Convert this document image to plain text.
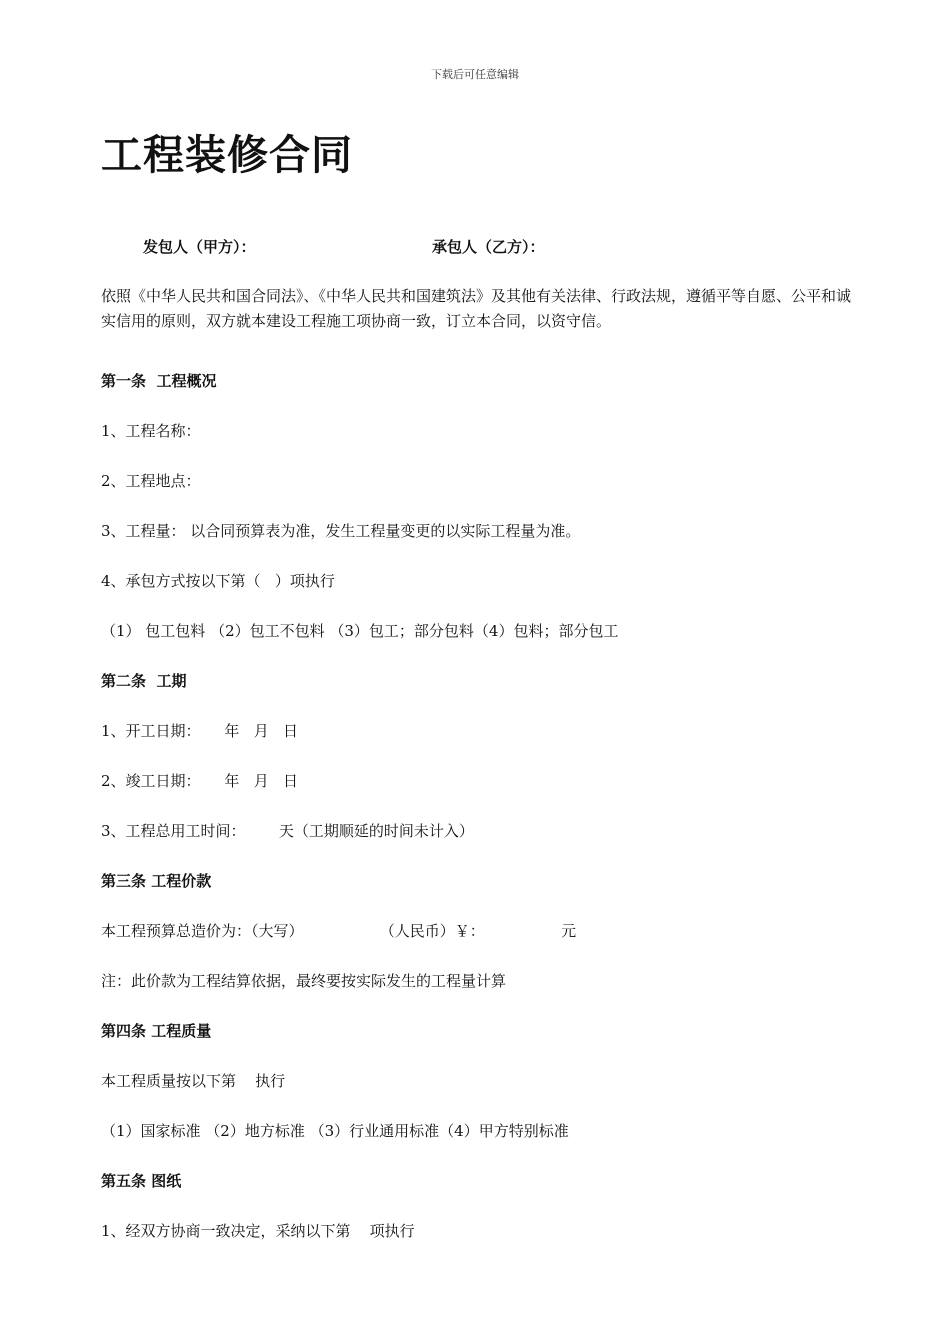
下载后可任意编辑
工程装修合同
发包人（甲方）：	承包人（乙方）：

依照《中华人民共和国合同法》、《中华人民共和国建筑法》及其他有关法律、行政法规，遵循平等自愿、公平和诚实信用的原则，双方就本建设工程施工项协商一致，订立本合同，以资守信。

第一条  工程概况

1、工程名称：

2、工程地点：

3、工程量： 以合同预算表为准，发生工程量变更的以实际工程量为准。

4、承包方式按以下第（   ）项执行

（1） 包工包料 （2）包工不包料 （3）包工；部分包料（4）包料；部分包工

第二条  工期

1、开工日期：     年   月   日

2、竣工日期：     年   月   日

3、工程总用工时间：       天（工期顺延的时间未计入）

第三条 工程价款

本工程预算总造价为：（大写）                （人民币）￥：                元

注：此价款为工程结算依据，最终要按实际发生的工程量计算

第四条 工程质量

本工程质量按以下第    执行

（1）国家标准 （2）地方标准 （3）行业通用标准（4）甲方特别标准

第五条 图纸

1、经双方协商一致决定，采纳以下第    项执行
